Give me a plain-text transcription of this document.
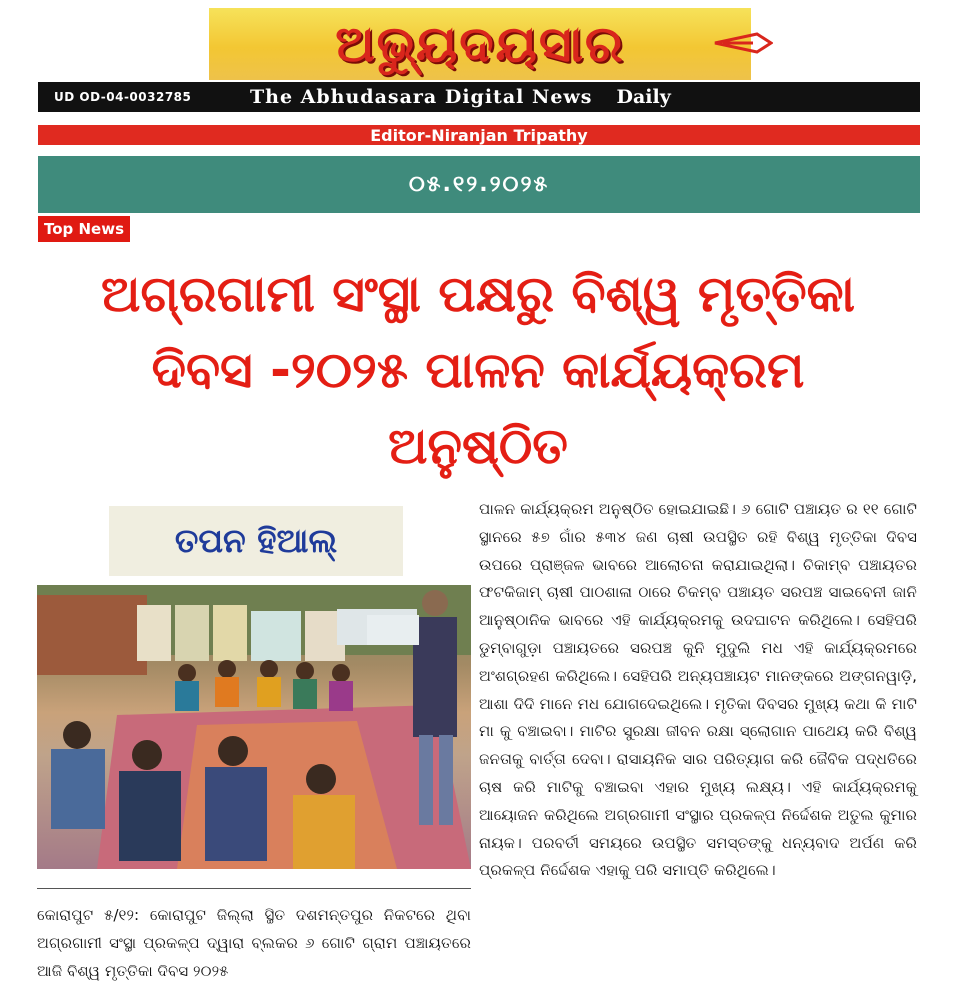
ଅଭ୍ୟୁଦୟସାର
UD OD-04-0032785	The Abhudasara Digital News Daily
Editor-Niranjan Tripathy
୦୫.୧୨.୨୦୨୫
Top News
ଅଗ୍ରଗାମୀ ସଂସ୍ଥା ପକ୍ଷରୁ ବିଶ୍ୱ ମୃତ୍ତିକା ଦିବସ -୨୦୨୫ ପାଳନ କାର୍ଯ୍ୟକ୍ରମ ଅନୁଷ୍ଠିତ
ତପନ ହିଆଲ୍
ପାଳନ କାର୍ଯ୍ୟକ୍ରମ ଅନୁଷ୍ଠିତ ହୋଇଯାଇଛି। ୬ ଗୋଟି ପଞ୍ଚାୟତ ର ୧୧ ଗୋଟି ସ୍ଥାନରେ ୫୭ ଗାଁର ୫୩୪ ଜଣ ଚାଷୀ ଉପସ୍ଥିତ ରହି ବିଶ୍ୱ ମୃତ୍ତିକା ଦିବସ ଉପରେ ପ୍ରାଞ୍ଜଳ ଭାବରେ ଆଲୋଚନା କରାଯାଇଥିଲା। ଚିକାମ୍ବ ପଞ୍ଚାୟତର ଫଟକିଜାମ୍ ଚାଷୀ ପାଠଶାଳା ଠାରେ ଚିକମ୍ବ ପଞ୍ଚାୟତ ସରପଞ୍ଚ ସାଇବେନୀ ଜାନି ଆନୁଷ୍ଠାନିକ ଭାବରେ ଏହି କାର୍ଯ୍ୟକ୍ରମକୁ ଉଦଘାଟନ କରିଥିଲେ। ସେହିପରି ଡୁମ୍ବାଗୁଡ଼ା ପଞ୍ଚାୟତରେ ସରପଞ୍ଚ କୁନି ମୁଦୁଲି ମଧ ଏହି କାର୍ଯ୍ୟକ୍ରମରେ ଅଂଶଗ୍ରହଣ କରିଥିଲେ। ସେହିପରି ଅନ୍ୟପଞ୍ଚାୟଟ ମାନଙ୍କରେ ଅଙ୍ଗନୱାଡ଼ି, ଆଶା ଦିଦି ମାନେ ମଧ ଯୋଗଦେଇଥିଲେ। ମୃତିକା ଦିବସର ମୁଖ୍ୟ କଥା କି ମାଟି ମା କୁ ବଞ୍ଚାଇବା। ମାଟିର ସୁରକ୍ଷା ଜୀବନ ରକ୍ଷା ସ୍ଲୋଗାନ ପାଥେୟ କରି ବିଶ୍ୱ ଜନତାକୁ ବାର୍ତ୍ତା ଦେବା। ରାସାୟନିକ ସାର ପରିତ୍ୟାଗ କରି ଜୈବିକ ପଦ୍ଧତିରେ ଚାଷ କରି ମାଟିକୁ ବଞ୍ଚାଇବା ଏହାର ମୁଖ୍ୟ ଲକ୍ଷ୍ୟ। ଏହି କାର୍ଯ୍ୟକ୍ରମକୁ ଆୟୋଜନ କରିଥିଲେ ଅଗ୍ରଗାମୀ ସଂସ୍ଥାର ପ୍ରକଳ୍ପ ନିର୍ଦ୍ଦେଶକ ଅତୁଲ କୁମାର ନାୟକ। ପରବର୍ତୀ ସମୟରେ ଉପସ୍ଥିତ ସମସ୍ତଙ୍କୁ ଧନ୍ୟବାଦ ଅର୍ପଣ କରି ପ୍ରକଳ୍ପ ନିର୍ଦ୍ଦେଶକ ଏହାକୁ ପରି ସମାପ୍ତି କରିଥିଲେ।
କୋରାପୁଟ ୫/୧୨: କୋରାପୁଟ ଜିଲ୍ଲା ସ୍ଥିତ ଦଶମନ୍ତପୁର ନିକଟରେ ଥିବା ଅଗ୍ରଗାମୀ ସଂସ୍ଥା ପ୍ରକଳ୍ପ ଦ୍ୱାରା ବ୍ଲକର ୬ ଗୋଟି ଗ୍ରାମ ପଞ୍ଚାୟତରେ ଆଜି ବିଶ୍ୱ ମୃତ୍ତିକା ଦିବସ ୨୦୨୫
